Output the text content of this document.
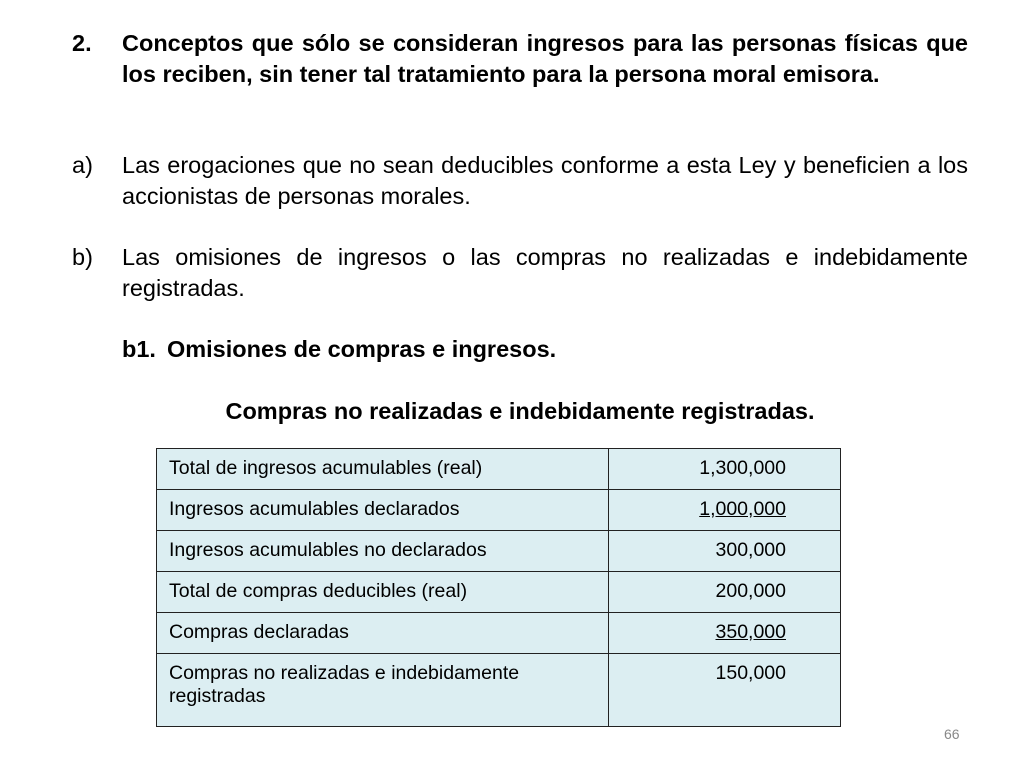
2. Conceptos que sólo se consideran ingresos para las personas físicas que los reciben, sin tener tal tratamiento para la persona moral emisora.
a) Las erogaciones que no sean deducibles conforme a esta Ley y beneficien a los accionistas de personas morales.
b) Las omisiones de ingresos o las compras no realizadas e indebidamente registradas.
b1. Omisiones de compras e ingresos.
Compras no realizadas e indebidamente registradas.
Total de ingresos acumulables (real)	1,300,000
Ingresos acumulables declarados	1,000,000
Ingresos acumulables no declarados	300,000
Total de compras deducibles (real)	200,000
Compras declaradas	350,000
Compras no realizadas e indebidamente registradas	150,000
66
